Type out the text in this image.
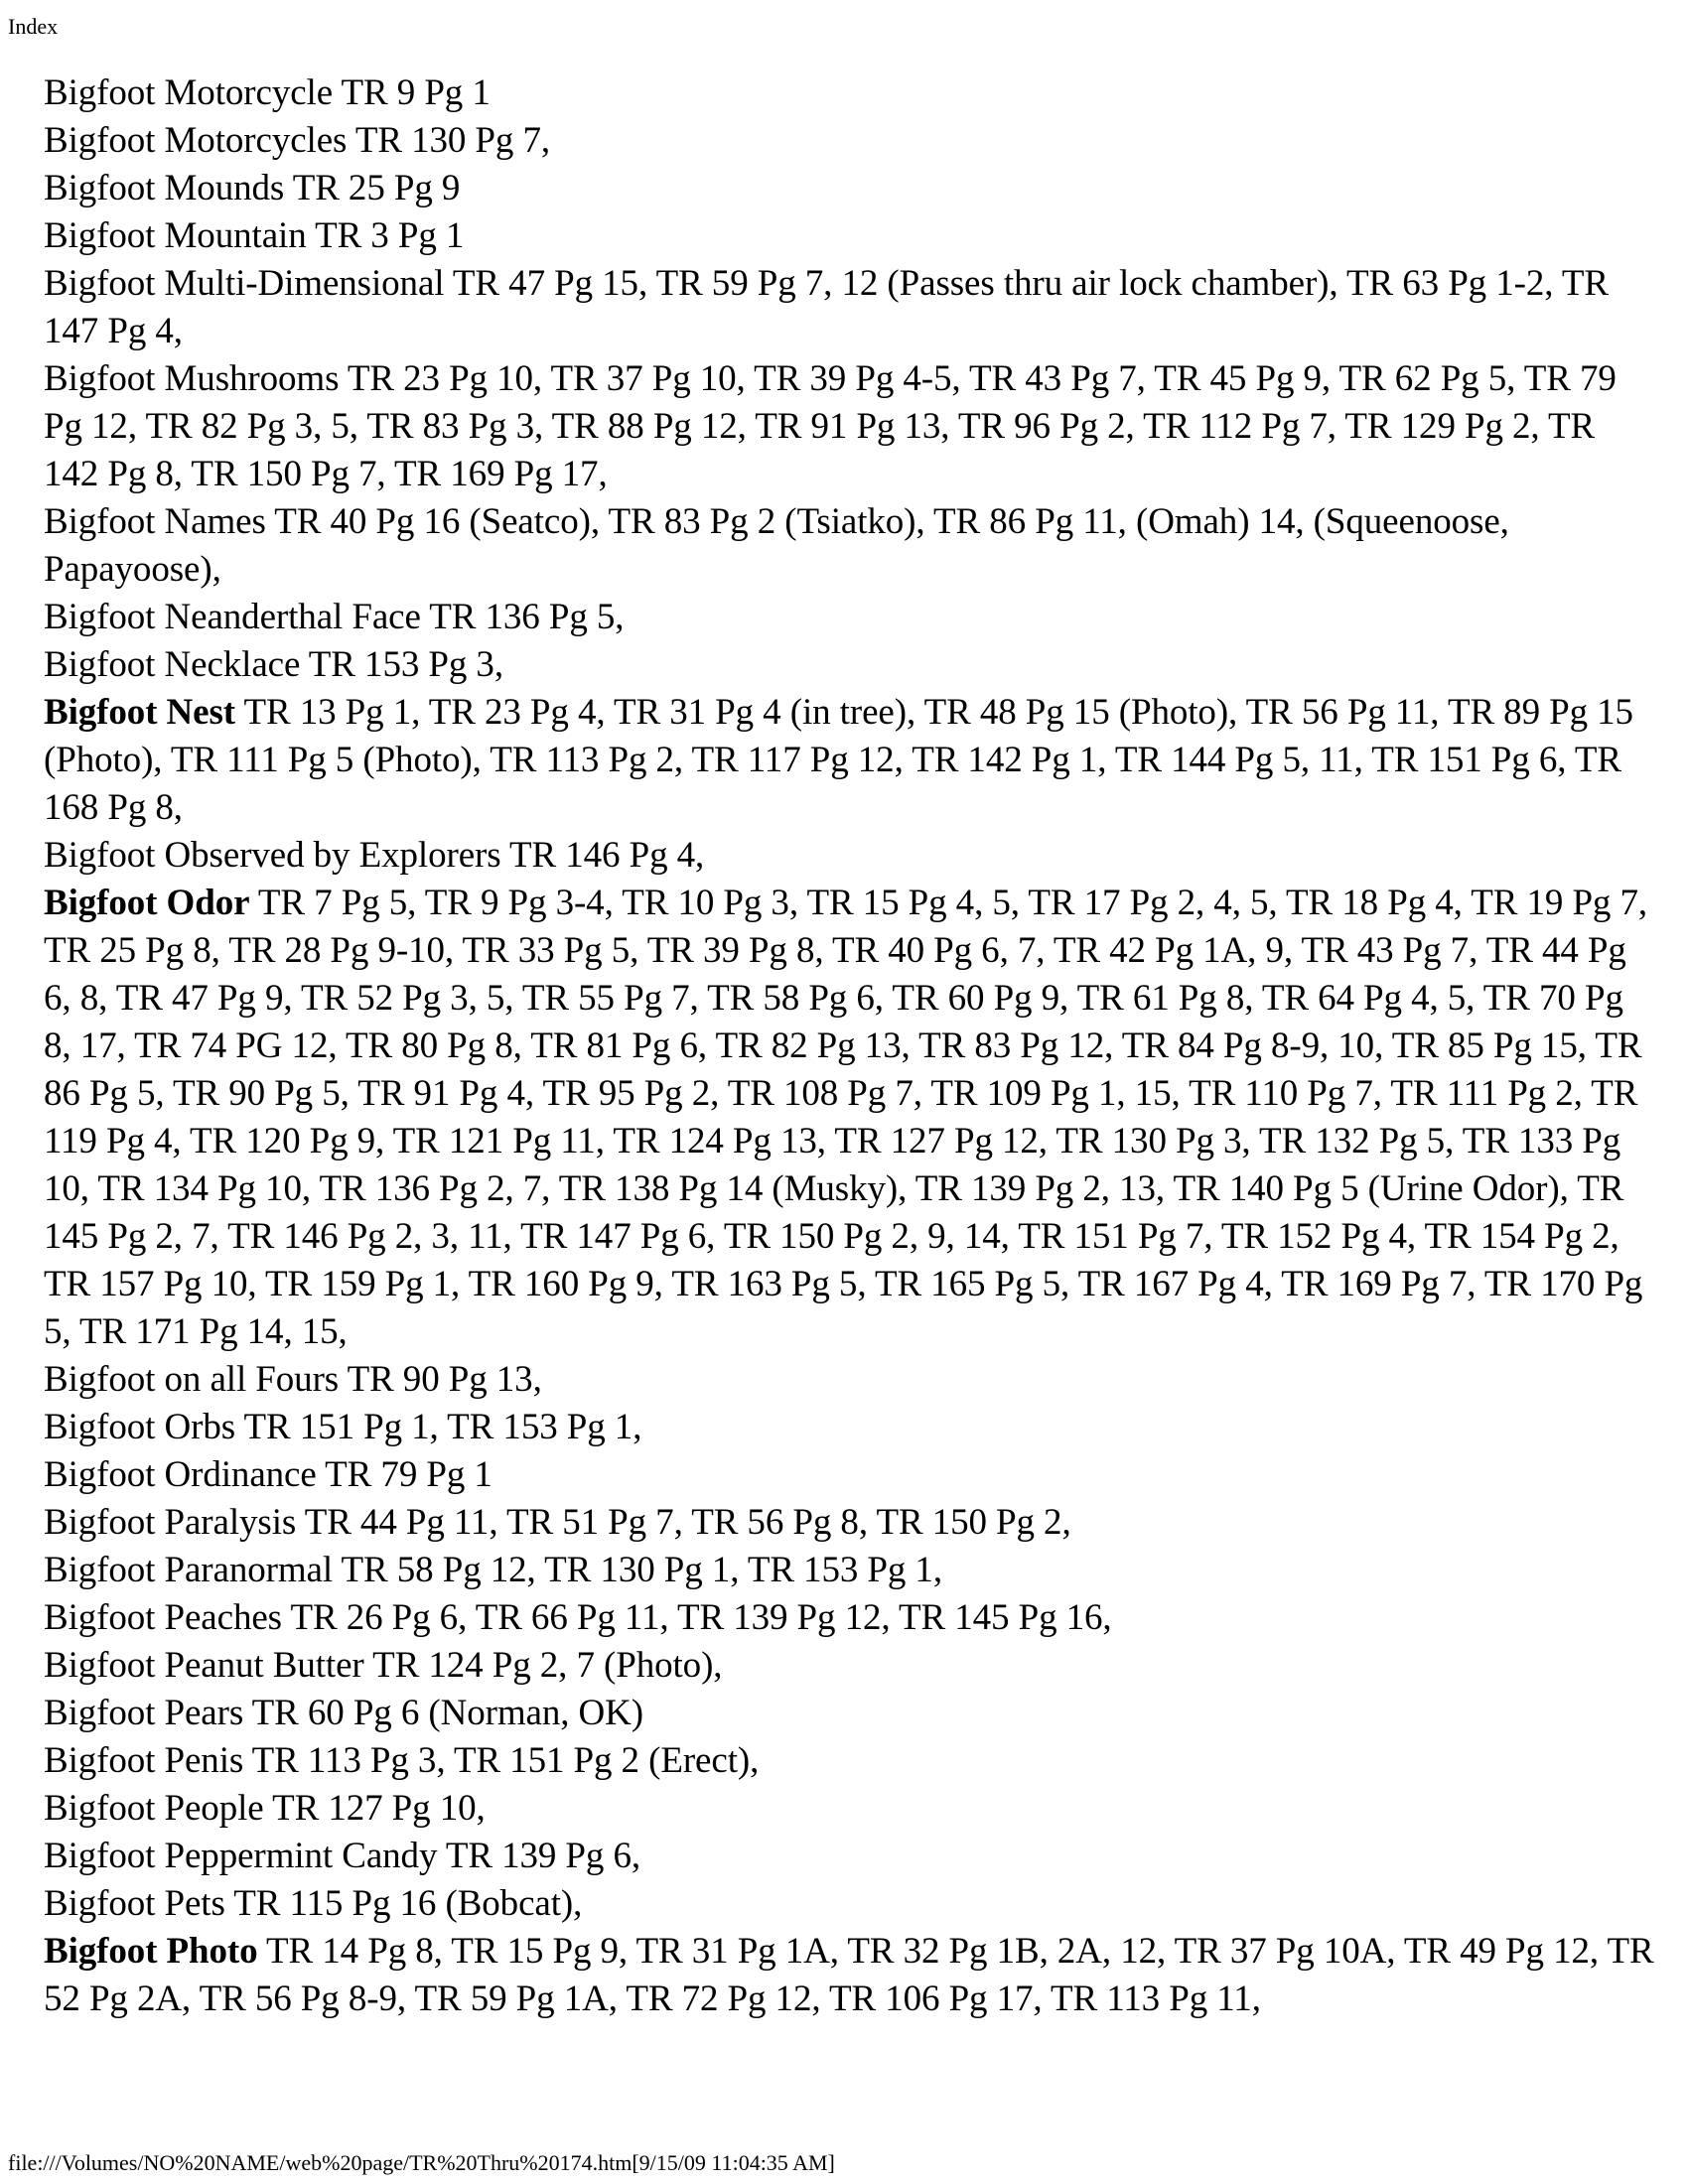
Index

Bigfoot Motorcycle TR 9 Pg 1

Bigfoot Motorcycles TR 130 Pg 7,

Bigfoot Mounds TR 25 Pg 9

Bigfoot Mountain TR 3 Pg 1

Bigfoot Multi-Dimensional TR 47 Pg 15, TR 59 Pg 7, 12 (Passes thru air lock chamber), TR 63 Pg 1-2, TR 147 Pg 4,

Bigfoot Mushrooms TR 23 Pg 10, TR 37 Pg 10, TR 39 Pg 4-5, TR 43 Pg 7, TR 45 Pg 9, TR 62 Pg 5, TR 79 Pg 12, TR 82 Pg 3, 5, TR 83 Pg 3, TR 88 Pg 12, TR 91 Pg 13, TR 96 Pg 2, TR 112 Pg 7, TR 129 Pg 2, TR 142 Pg 8, TR 150 Pg 7, TR 169 Pg 17,

Bigfoot Names TR 40 Pg 16 (Seatco), TR 83 Pg 2 (Tsiatko), TR 86 Pg 11, (Omah) 14, (Squeenoose, Papayoose),

Bigfoot Neanderthal Face TR 136 Pg 5,

Bigfoot Necklace TR 153 Pg 3,

Bigfoot Nest TR 13 Pg 1, TR 23 Pg 4, TR 31 Pg 4 (in tree), TR 48 Pg 15 (Photo), TR 56 Pg 11, TR 89 Pg 15 (Photo), TR 111 Pg 5 (Photo), TR 113 Pg 2, TR 117 Pg 12, TR 142 Pg 1, TR 144 Pg 5, 11, TR 151 Pg 6, TR 168 Pg 8,

Bigfoot Observed by Explorers TR 146 Pg 4,

Bigfoot Odor TR 7 Pg 5, TR 9 Pg 3-4, TR 10 Pg 3, TR 15 Pg 4, 5, TR 17 Pg 2, 4, 5, TR 18 Pg 4, TR 19 Pg 7, TR 25 Pg 8, TR 28 Pg 9-10, TR 33 Pg 5, TR 39 Pg 8, TR 40 Pg 6, 7, TR 42 Pg 1A, 9, TR 43 Pg 7, TR 44 Pg 6, 8, TR 47 Pg 9, TR 52 Pg 3, 5, TR 55 Pg 7, TR 58 Pg 6, TR 60 Pg 9, TR 61 Pg 8, TR 64 Pg 4, 5, TR 70 Pg 8, 17, TR 74 PG 12, TR 80 Pg 8, TR 81 Pg 6, TR 82 Pg 13, TR 83 Pg 12, TR 84 Pg 8-9, 10, TR 85 Pg 15, TR 86 Pg 5, TR 90 Pg 5, TR 91 Pg 4, TR 95 Pg 2, TR 108 Pg 7, TR 109 Pg 1, 15, TR 110 Pg 7, TR 111 Pg 2, TR 119 Pg 4, TR 120 Pg 9, TR 121 Pg 11, TR 124 Pg 13, TR 127 Pg 12, TR 130 Pg 3, TR 132 Pg 5, TR 133 Pg 10, TR 134 Pg 10, TR 136 Pg 2, 7, TR 138 Pg 14 (Musky), TR 139 Pg 2, 13, TR 140 Pg 5 (Urine Odor), TR 145 Pg 2, 7, TR 146 Pg 2, 3, 11, TR 147 Pg 6, TR 150 Pg 2, 9, 14, TR 151 Pg 7, TR 152 Pg 4, TR 154 Pg 2, TR 157 Pg 10, TR 159 Pg 1, TR 160 Pg 9, TR 163 Pg 5, TR 165 Pg 5, TR 167 Pg 4, TR 169 Pg 7, TR 170 Pg 5, TR 171 Pg 14, 15,

Bigfoot on all Fours TR 90 Pg 13,

Bigfoot Orbs TR 151 Pg 1, TR 153 Pg 1,

Bigfoot Ordinance TR 79 Pg 1

Bigfoot Paralysis TR 44 Pg 11, TR 51 Pg 7, TR 56 Pg 8, TR 150 Pg 2,

Bigfoot Paranormal TR 58 Pg 12, TR 130 Pg 1, TR 153 Pg 1,

Bigfoot Peaches TR 26 Pg 6, TR 66 Pg 11, TR 139 Pg 12, TR 145 Pg 16,

Bigfoot Peanut Butter TR 124 Pg 2, 7 (Photo),

Bigfoot Pears TR 60 Pg 6 (Norman, OK)

Bigfoot Penis TR 113 Pg 3, TR 151 Pg 2 (Erect),

Bigfoot People TR 127 Pg 10,

Bigfoot Peppermint Candy TR 139 Pg 6,

Bigfoot Pets TR 115 Pg 16 (Bobcat),

Bigfoot Photo TR 14 Pg 8, TR 15 Pg 9, TR 31 Pg 1A, TR 32 Pg 1B, 2A, 12, TR 37 Pg 10A, TR 49 Pg 12, TR 52 Pg 2A, TR 56 Pg 8-9, TR 59 Pg 1A, TR 72 Pg 12, TR 106 Pg 17, TR 113 Pg 11,

file:///Volumes/NO%20NAME/web%20page/TR%20Thru%20174.htm[9/15/09 11:04:35 AM]
